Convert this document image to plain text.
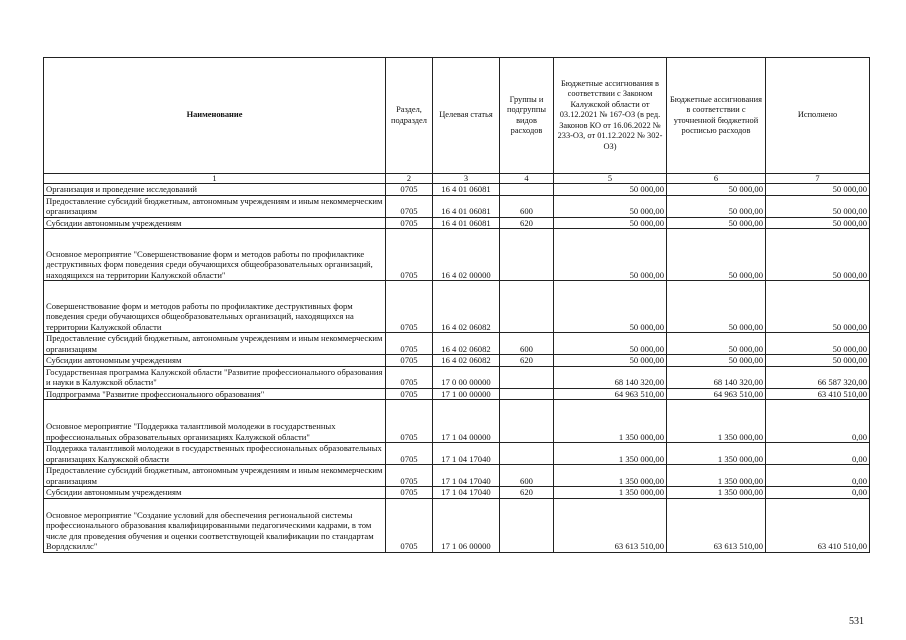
Наименование	Раздел, подраздел	Целевая статья	Группы и подгруппы видов расходов	Бюджетные ассигнования в соответствии с Законом Калужской области от 03.12.2021 № 167-ОЗ (в ред. Законов КО от 16.06.2022 № 233-ОЗ, от 01.12.2022 № 302-ОЗ)	Бюджетные ассигнования в соответствии с уточненной бюджетной росписью расходов	Исполнено
1	2	3	4	5	6	7
Организация и проведение исследований	0705	16 4 01 06081		50 000,00	50 000,00	50 000,00
Предоставление субсидий бюджетным, автономным учреждениям и иным некоммерческим организациям	0705	16 4 01 06081	600	50 000,00	50 000,00	50 000,00
Субсидии автономным учреждениям	0705	16 4 01 06081	620	50 000,00	50 000,00	50 000,00
Основное мероприятие "Совершенствование форм и методов работы по профилактике деструктивных форм поведения среди обучающихся общеобразовательных организаций, находящихся на территории Калужской области"	0705	16 4 02 00000		50 000,00	50 000,00	50 000,00
Совершенствование форм и методов работы по профилактике деструктивных форм поведения среди обучающихся общеобразовательных организаций, находящихся на территории Калужской области	0705	16 4 02 06082		50 000,00	50 000,00	50 000,00
Предоставление субсидий бюджетным, автономным учреждениям и иным некоммерческим организациям	0705	16 4 02 06082	600	50 000,00	50 000,00	50 000,00
Субсидии автономным учреждениям	0705	16 4 02 06082	620	50 000,00	50 000,00	50 000,00
Государственная программа Калужской области "Развитие профессионального образования и науки в Калужской области"	0705	17 0 00 00000		68 140 320,00	68 140 320,00	66 587 320,00
Подпрограмма "Развитие профессионального образования"	0705	17 1 00 00000		64 963 510,00	64 963 510,00	63 410 510,00
Основное мероприятие "Поддержка талантливой молодежи в государственных профессиональных образовательных организациях Калужской области"	0705	17 1 04 00000		1 350 000,00	1 350 000,00	0,00
Поддержка талантливой молодежи в государственных профессиональных образовательных организациях Калужской области	0705	17 1 04 17040		1 350 000,00	1 350 000,00	0,00
Предоставление субсидий бюджетным, автономным учреждениям и иным некоммерческим организациям	0705	17 1 04 17040	600	1 350 000,00	1 350 000,00	0,00
Субсидии автономным учреждениям	0705	17 1 04 17040	620	1 350 000,00	1 350 000,00	0,00
Основное мероприятие "Создание условий для обеспечения региональной системы профессионального образования квалифицированными педагогическими кадрами, в том числе для проведения обучения и оценки соответствующей квалификации по стандартам Ворлдскиллс"	0705	17 1 06 00000		63 613 510,00	63 613 510,00	63 410 510,00
531
